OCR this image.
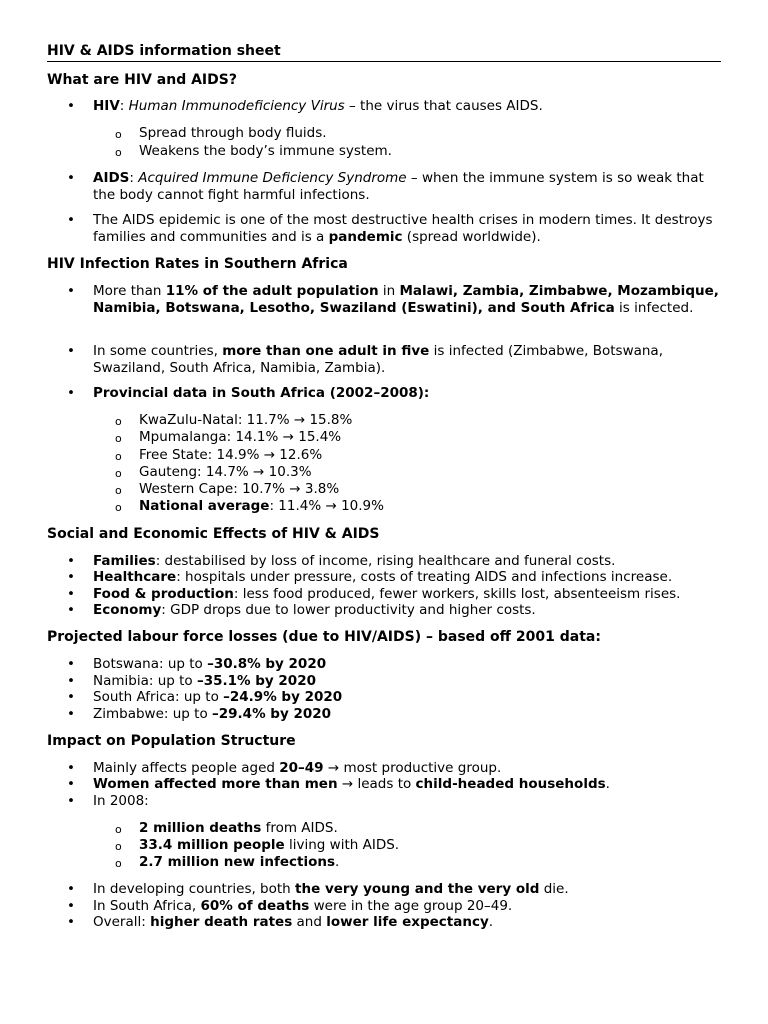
HIV & AIDS information sheet
What are HIV and AIDS?
• HIV: Human Immunodeficiency Virus – the virus that causes AIDS.
o Spread through body fluids.
o Weakens the body’s immune system.
• AIDS: Acquired Immune Deficiency Syndrome – when the immune system is so weak that the body cannot fight harmful infections.
• The AIDS epidemic is one of the most destructive health crises in modern times. It destroys families and communities and is a pandemic (spread worldwide).
HIV Infection Rates in Southern Africa
• More than 11% of the adult population in Malawi, Zambia, Zimbabwe, Mozambique, Namibia, Botswana, Lesotho, Swaziland (Eswatini), and South Africa is infected.
• In some countries, more than one adult in five is infected (Zimbabwe, Botswana, Swaziland, South Africa, Namibia, Zambia).
• Provincial data in South Africa (2002–2008):
o KwaZulu-Natal: 11.7% → 15.8%
o Mpumalanga: 14.1% → 15.4%
o Free State: 14.9% → 12.6%
o Gauteng: 14.7% → 10.3%
o Western Cape: 10.7% → 3.8%
o National average: 11.4% → 10.9%
Social and Economic Effects of HIV & AIDS
• Families: destabilised by loss of income, rising healthcare and funeral costs.
• Healthcare: hospitals under pressure, costs of treating AIDS and infections increase.
• Food & production: less food produced, fewer workers, skills lost, absenteeism rises.
• Economy: GDP drops due to lower productivity and higher costs.
Projected labour force losses (due to HIV/AIDS) – based off 2001 data:
• Botswana: up to –30.8% by 2020
• Namibia: up to –35.1% by 2020
• South Africa: up to –24.9% by 2020
• Zimbabwe: up to –29.4% by 2020
Impact on Population Structure
• Mainly affects people aged 20–49 → most productive group.
• Women affected more than men → leads to child-headed households.
• In 2008:
o 2 million deaths from AIDS.
o 33.4 million people living with AIDS.
o 2.7 million new infections.
• In developing countries, both the very young and the very old die.
• In South Africa, 60% of deaths were in the age group 20–49.
• Overall: higher death rates and lower life expectancy.
